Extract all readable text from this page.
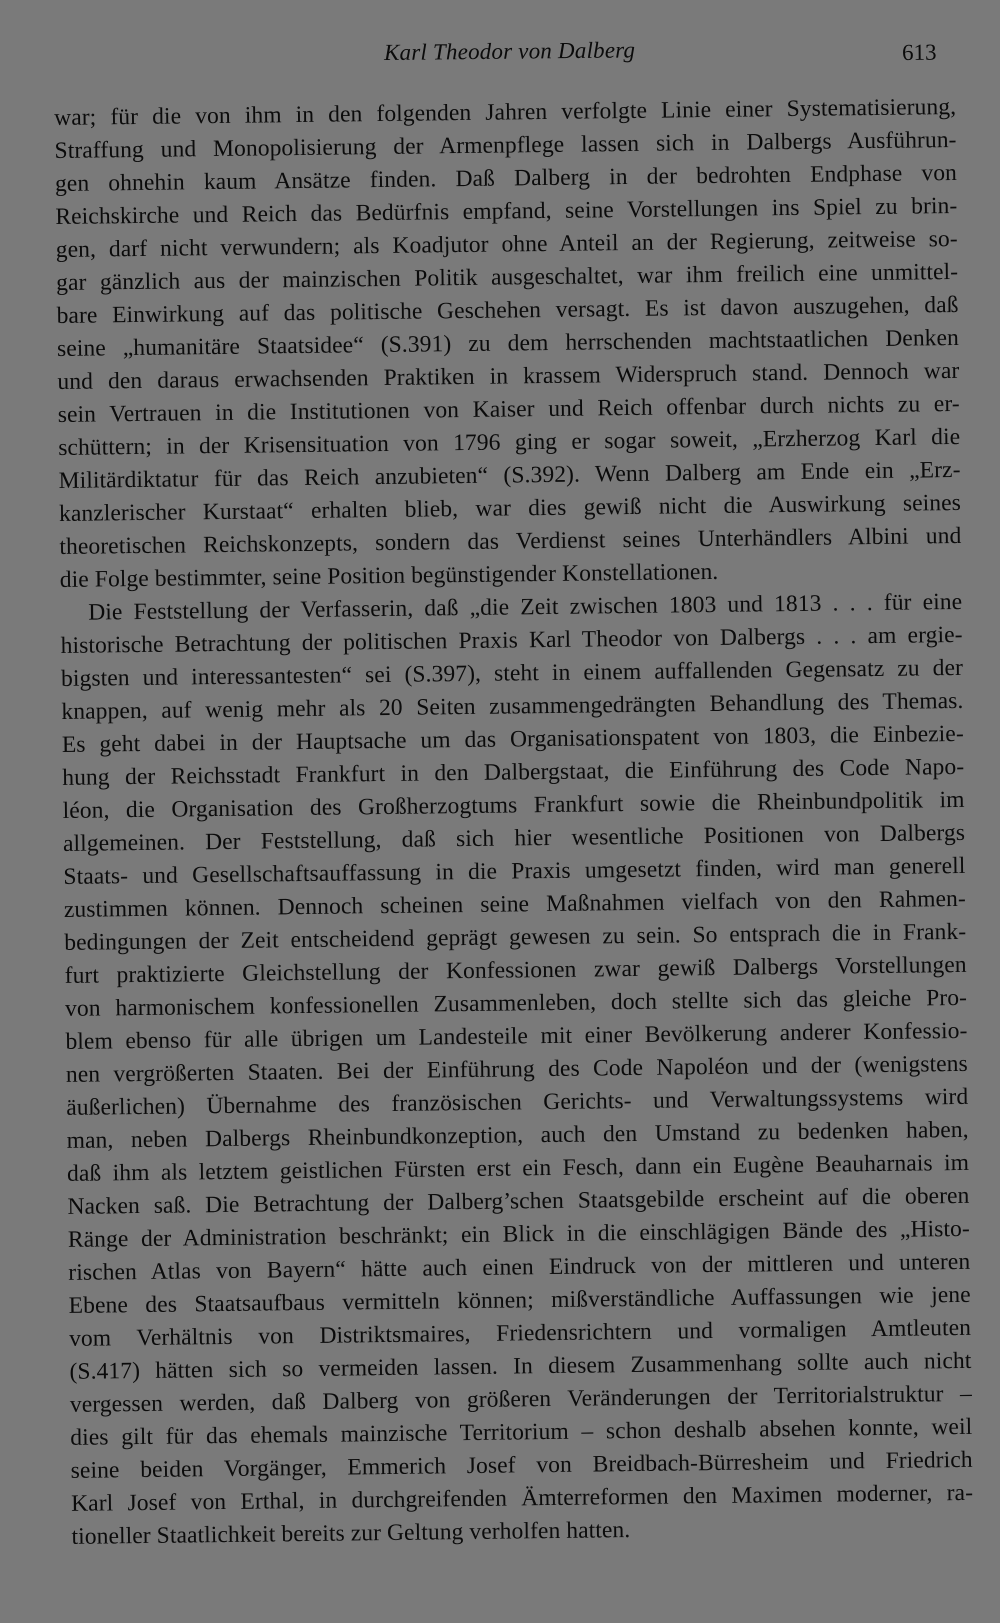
Karl Theodor von Dalberg	613
war; für die von ihm in den folgenden Jahren verfolgte Linie einer Systematisierung,
Straffung und Monopolisierung der Armenpflege lassen sich in Dalbergs Ausführun-
gen ohnehin kaum Ansätze finden. Daß Dalberg in der bedrohten Endphase von
Reichskirche und Reich das Bedürfnis empfand, seine Vorstellungen ins Spiel zu brin-
gen, darf nicht verwundern; als Koadjutor ohne Anteil an der Regierung, zeitweise so-
gar gänzlich aus der mainzischen Politik ausgeschaltet, war ihm freilich eine unmittel-
bare Einwirkung auf das politische Geschehen versagt. Es ist davon auszugehen, daß
seine „humanitäre Staatsidee“ (S.391) zu dem herrschenden machtstaatlichen Denken
und den daraus erwachsenden Praktiken in krassem Widerspruch stand. Dennoch war
sein Vertrauen in die Institutionen von Kaiser und Reich offenbar durch nichts zu er-
schüttern; in der Krisensituation von 1796 ging er sogar soweit, „Erzherzog Karl die
Militärdiktatur für das Reich anzubieten“ (S.392). Wenn Dalberg am Ende ein „Erz-
kanzlerischer Kurstaat“ erhalten blieb, war dies gewiß nicht die Auswirkung seines
theoretischen Reichskonzepts, sondern das Verdienst seines Unterhändlers Albini und
die Folge bestimmter, seine Position begünstigender Konstellationen.
Die Feststellung der Verfasserin, daß „die Zeit zwischen 1803 und 1813 . . . für eine
historische Betrachtung der politischen Praxis Karl Theodor von Dalbergs . . . am ergie-
bigsten und interessantesten“ sei (S.397), steht in einem auffallenden Gegensatz zu der
knappen, auf wenig mehr als 20 Seiten zusammengedrängten Behandlung des Themas.
Es geht dabei in der Hauptsache um das Organisationspatent von 1803, die Einbezie-
hung der Reichsstadt Frankfurt in den Dalbergstaat, die Einführung des Code Napo-
léon, die Organisation des Großherzogtums Frankfurt sowie die Rheinbundpolitik im
allgemeinen. Der Feststellung, daß sich hier wesentliche Positionen von Dalbergs
Staats- und Gesellschaftsauffassung in die Praxis umgesetzt finden, wird man generell
zustimmen können. Dennoch scheinen seine Maßnahmen vielfach von den Rahmen-
bedingungen der Zeit entscheidend geprägt gewesen zu sein. So entsprach die in Frank-
furt praktizierte Gleichstellung der Konfessionen zwar gewiß Dalbergs Vorstellungen
von harmonischem konfessionellen Zusammenleben, doch stellte sich das gleiche Pro-
blem ebenso für alle übrigen um Landesteile mit einer Bevölkerung anderer Konfessio-
nen vergrößerten Staaten. Bei der Einführung des Code Napoléon und der (wenigstens
äußerlichen) Übernahme des französischen Gerichts- und Verwaltungssystems wird
man, neben Dalbergs Rheinbundkonzeption, auch den Umstand zu bedenken haben,
daß ihm als letztem geistlichen Fürsten erst ein Fesch, dann ein Eugène Beauharnais im
Nacken saß. Die Betrachtung der Dalberg’schen Staatsgebilde erscheint auf die oberen
Ränge der Administration beschränkt; ein Blick in die einschlägigen Bände des „Histo-
rischen Atlas von Bayern“ hätte auch einen Eindruck von der mittleren und unteren
Ebene des Staatsaufbaus vermitteln können; mißverständliche Auffassungen wie jene
vom Verhältnis von Distriktsmaires, Friedensrichtern und vormaligen Amtleuten
(S.417) hätten sich so vermeiden lassen. In diesem Zusammenhang sollte auch nicht
vergessen werden, daß Dalberg von größeren Veränderungen der Territorialstruktur –
dies gilt für das ehemals mainzische Territorium – schon deshalb absehen konnte, weil
seine beiden Vorgänger, Emmerich Josef von Breidbach-Bürresheim und Friedrich
Karl Josef von Erthal, in durchgreifenden Ämterreformen den Maximen moderner, ra-
tioneller Staatlichkeit bereits zur Geltung verholfen hatten.
